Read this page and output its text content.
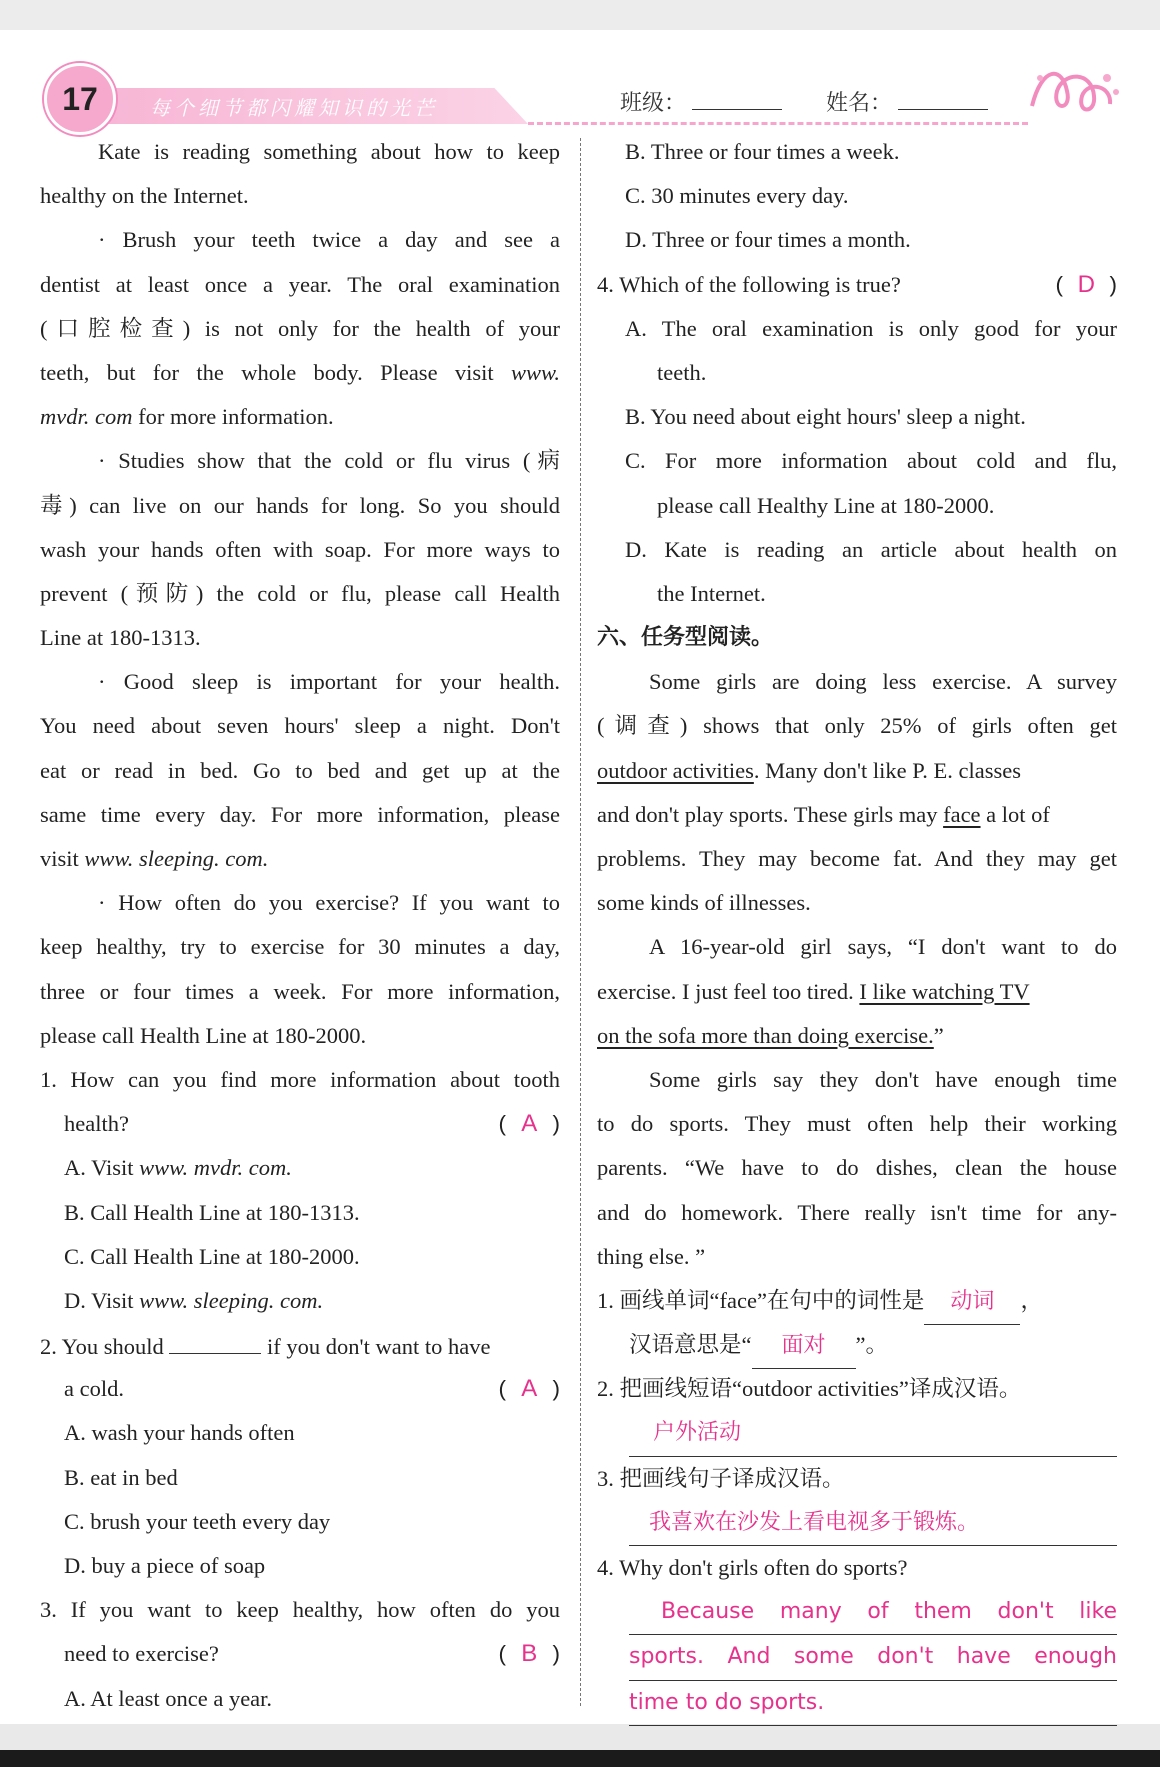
每个细节都闪耀知识的光芒
17	班级：	姓名：
Kate is reading something about how to keep
healthy on the Internet.
· Brush your teeth twice a day and see a
dentist at least once a year. The oral examination
(口腔检查) is not only for the health of your
teeth, but for the whole body. Please visit www.
mvdr. com for more information.
· Studies show that the cold or flu virus (病
毒) can live on our hands for long. So you should
wash your hands often with soap. For more ways to
prevent (预防) the cold or flu, please call Health
Line at 180-1313.
· Good sleep is important for your health.
You need about seven hours' sleep a night. Don't
eat or read in bed. Go to bed and get up at the
same time every day. For more information, please
visit www. sleeping. com.
· How often do you exercise? If you want to
keep healthy, try to exercise for 30 minutes a day,
three or four times a week. For more information,
please call Health Line at 180-2000.
1. How can you find more information about tooth
health?	( A )
A. Visit www. mvdr. com.
B. Call Health Line at 180-1313.
C. Call Health Line at 180-2000.
D. Visit www. sleeping. com.
2. You should	if you don't want to have
a cold.	( A )
A. wash your hands often
B. eat in bed
C. brush your teeth every day
D. buy a piece of soap
3. If you want to keep healthy, how often do you
need to exercise?	( B )
A. At least once a year.
B. Three or four times a week.
C. 30 minutes every day.
D. Three or four times a month.
4. Which of the following is true?	( D )
A. The oral examination is only good for your
teeth.
B. You need about eight hours' sleep a night.
C. For more information about cold and flu,
please call Healthy Line at 180-2000.
D. Kate is reading an article about health on
the Internet.
六、任务型阅读。
Some girls are doing less exercise. A survey
(调查) shows that only 25% of girls often get
outdoor activities. Many don't like P. E. classes
and don't play sports. These girls may face a lot of
problems. They may become fat. And they may get
some kinds of illnesses.
A 16-year-old girl says, “I don't want to do
exercise. I just feel too tired. I like watching TV
on the sofa more than doing exercise.”
Some girls say they don't have enough time
to do sports. They must often help their working
parents. “We have to do dishes, clean the house
and do homework. There really isn't time for any-
thing else. ”
1. 画线单词“face”在句中的词性是 动词 ，
汉语意思是“ 面对 ”。
2. 把画线短语“outdoor activities”译成汉语。
户外活动
3. 把画线句子译成汉语。
我喜欢在沙发上看电视多于锻炼。
4. Why don't girls often do sports?
Because many of them don't like
sports. And some don't have enough
time to do sports.
